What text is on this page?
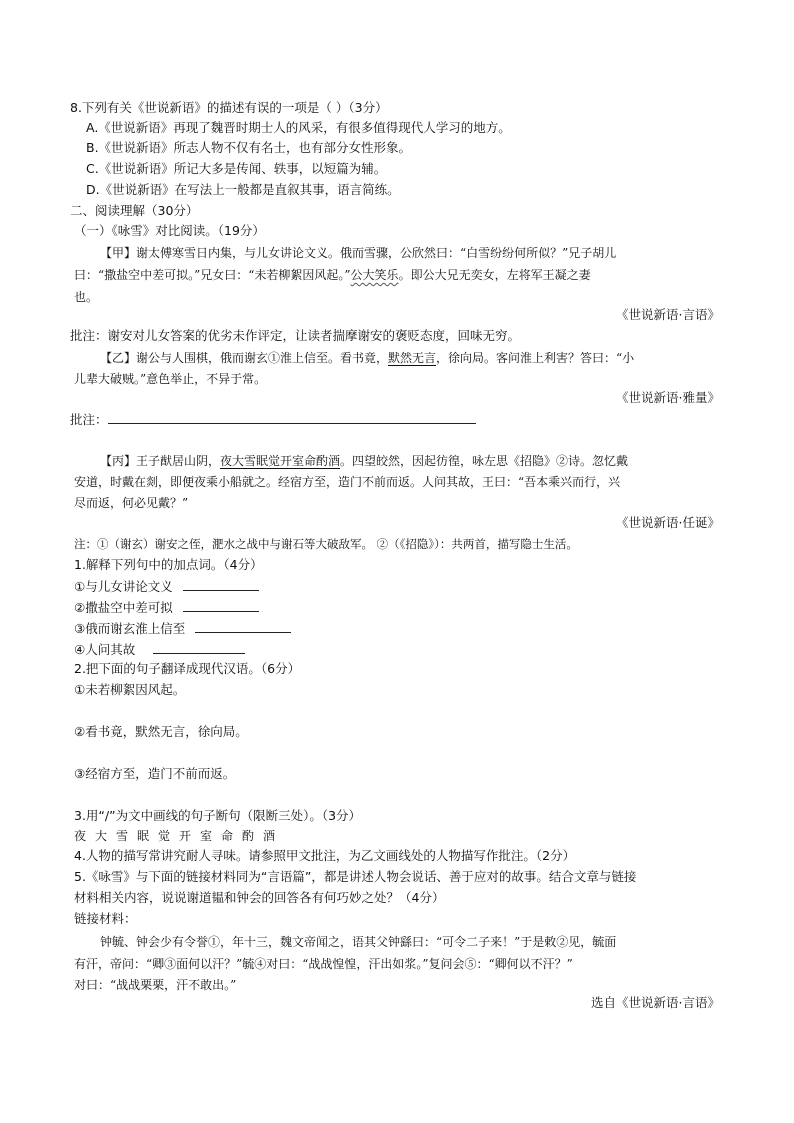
8.下列有关《世说新语》的描述有误的一项是（ ）（3分）
A.《世说新语》再现了魏晋时期士人的风采，有很多值得现代人学习的地方。
B.《世说新语》所志人物不仅有名士，也有部分女性形象。
C.《世说新语》所记大多是传闻、轶事，以短篇为辅。
D.《世说新语》在写法上一般都是直叙其事，语言简练。
二、阅读理解（30分）
（一）《咏雪》对比阅读。（19分）
【甲】谢太傅寒雪日内集，与儿女讲论文义。俄而雪骤，公欣然曰：“白雪纷纷何所似？”兄子胡儿
曰：“撒盐空中差可拟。”兄女曰：“未若柳絮因风起。”公大笑乐。即公大兄无奕女，左将军王凝之妻
也。
《世说新语·言语》
批注：谢安对儿女答案的优劣未作评定，让读者揣摩谢安的褒贬态度，回味无穷。
【乙】谢公与人围棋，俄而谢玄①淮上信至。看书竟，默然无言，徐向局。客问淮上利害？答曰：“小
儿辈大破贼。”意色举止，不异于常。
《世说新语·雅量》
批注：
【丙】王子猷居山阴，夜大雪眠觉开室命酌酒。四望皎然，因起彷徨，咏左思《招隐》②诗。忽忆戴
安道，时戴在剡，即便夜乘小船就之。经宿方至，造门不前而返。人问其故，王曰：“吾本乘兴而行，兴
尽而返，何必见戴？”
《世说新语·任诞》
注：①（谢玄）谢安之侄，淝水之战中与谢石等大破敌军。 ②（《招隐》）：共两首，描写隐士生活。
1.解释下列句中的加点词。（4分）
①与儿女讲论文义
②撒盐空中差可拟
③俄而谢玄淮上信至
④人问其故
2.把下面的句子翻译成现代汉语。（6分）
①未若柳絮因风起。
②看书竟，默然无言，徐向局。
③经宿方至，造门不前而返。
3.用“/”为文中画线的句子断句（限断三处）。（3分）
夜大雪眠觉开室命酌酒
4.人物的描写常讲究耐人寻味。请参照甲文批注，为乙文画线处的人物描写作批注。（2分）
5.《咏雪》与下面的链接材料同为“言语篇”，都是讲述人物会说话、善于应对的故事。结合文章与链接
材料相关内容，说说谢道韫和钟会的回答各有何巧妙之处？（4分）
链接材料：
钟毓、钟会少有令誉①，年十三，魏文帝闻之，语其父钟繇曰：“可令二子来！”于是敕②见，毓面
有汗，帝问：“卿③面何以汗？”毓④对曰：“战战惶惶，汗出如浆。”复问会⑤：“卿何以不汗？”
对曰：“战战栗栗，汗不敢出。”
选自《世说新语·言语》
